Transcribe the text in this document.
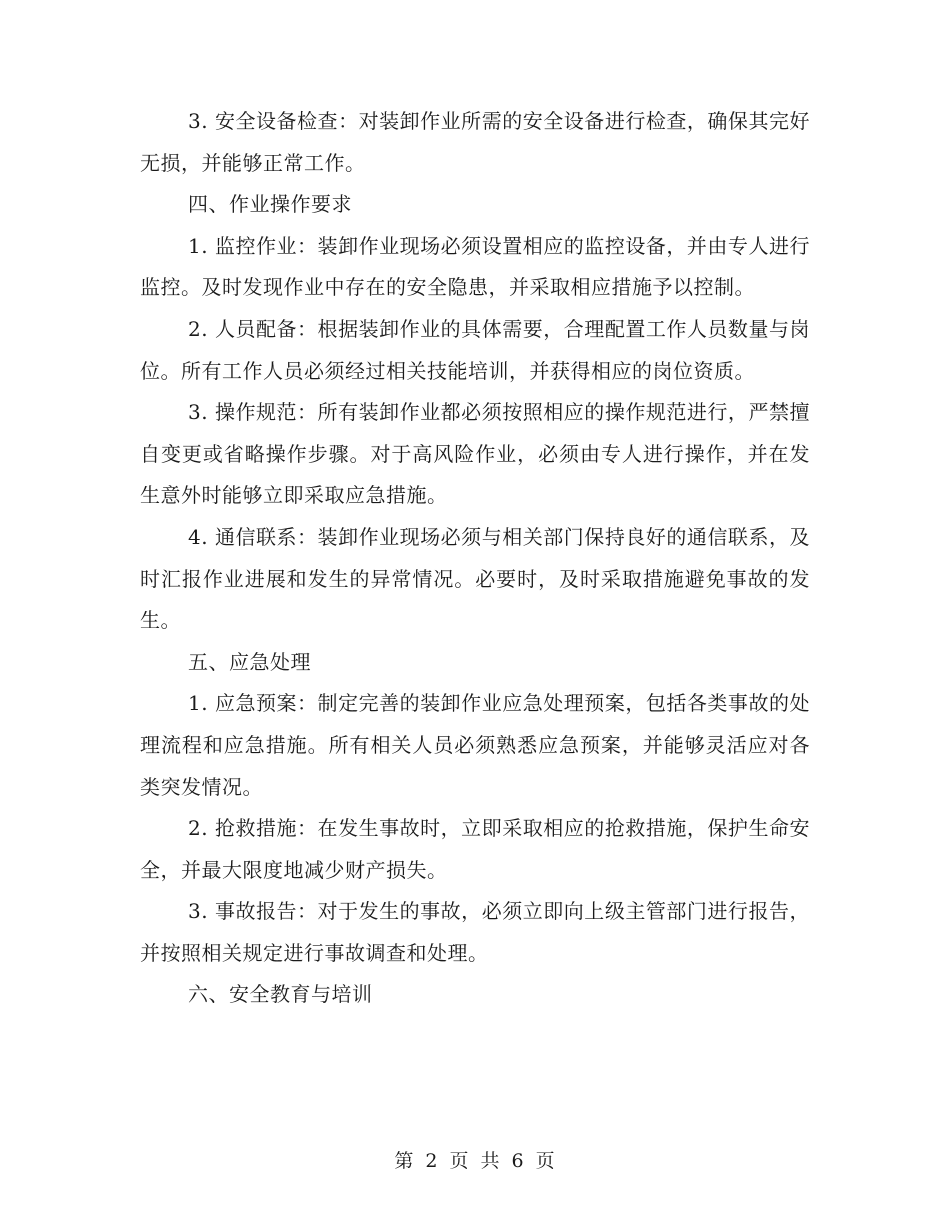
3. 安全设备检查：对装卸作业所需的安全设备进行检查，确保其完好无损，并能够正常工作。

四、作业操作要求

1. 监控作业：装卸作业现场必须设置相应的监控设备，并由专人进行监控。及时发现作业中存在的安全隐患，并采取相应措施予以控制。

2. 人员配备：根据装卸作业的具体需要，合理配置工作人员数量与岗位。所有工作人员必须经过相关技能培训，并获得相应的岗位资质。

3. 操作规范：所有装卸作业都必须按照相应的操作规范进行，严禁擅自变更或省略操作步骤。对于高风险作业，必须由专人进行操作，并在发生意外时能够立即采取应急措施。

4. 通信联系：装卸作业现场必须与相关部门保持良好的通信联系，及时汇报作业进展和发生的异常情况。必要时，及时采取措施避免事故的发生。

五、应急处理

1. 应急预案：制定完善的装卸作业应急处理预案，包括各类事故的处理流程和应急措施。所有相关人员必须熟悉应急预案，并能够灵活应对各类突发情况。

2. 抢救措施：在发生事故时，立即采取相应的抢救措施，保护生命安全，并最大限度地减少财产损失。

3. 事故报告：对于发生的事故，必须立即向上级主管部门进行报告，并按照相关规定进行事故调查和处理。

六、安全教育与培训

第 2 页 共 6 页
